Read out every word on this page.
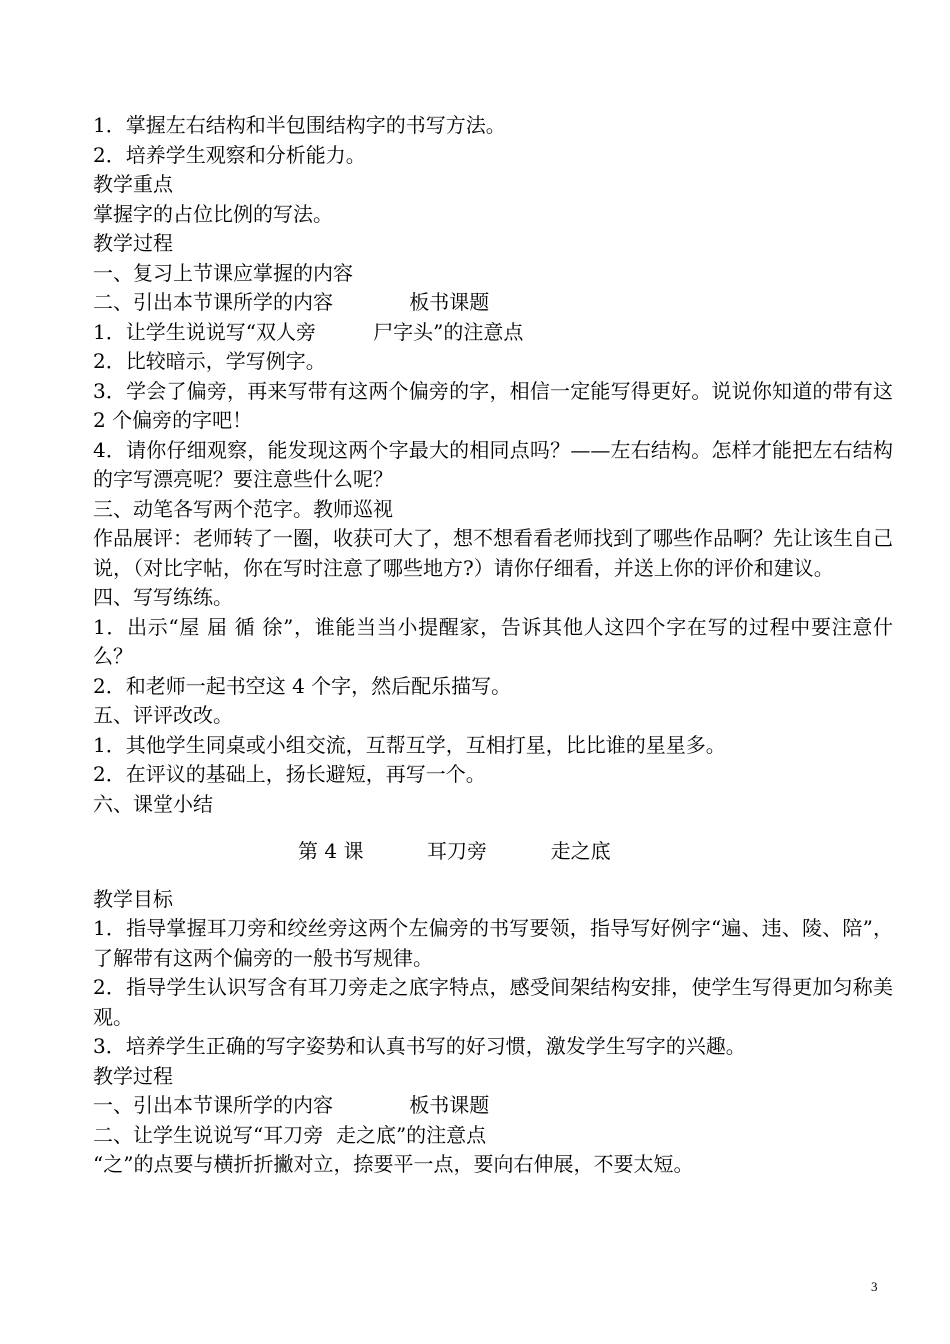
1．掌握左右结构和半包围结构字的书写方法。
2．培养学生观察和分析能力。
教学重点
掌握字的占位比例的写法。
教学过程
一、复习上节课应掌握的内容
二、引出本节课所学的内容            板书课题
1．让学生说说写“双人旁         尸字头”的注意点
2．比较暗示，学写例字。
3．学会了偏旁，再来写带有这两个偏旁的字，相信一定能写得更好。说说你知道的带有这 2 个偏旁的字吧！
4．请你仔细观察，能发现这两个字最大的相同点吗？——左右结构。怎样才能把左右结构的字写漂亮呢？要注意些什么呢？
三、动笔各写两个范字。教师巡视
作品展评：老师转了一圈，收获可大了，想不想看看老师找到了哪些作品啊？先让该生自己说，（对比字帖，你在写时注意了哪些地方?）请你仔细看，并送上你的评价和建议。
四、写写练练。
1．出示“屋 届 循 徐”，谁能当当小提醒家，告诉其他人这四个字在写的过程中要注意什么？
2．和老师一起书空这 4 个字，然后配乐描写。
五、评评改改。
1．其他学生同桌或小组交流，互帮互学，互相打星，比比谁的星星多。
2．在评议的基础上，扬长避短，再写一个。
六、课堂小结
第 4 课          耳刀旁          走之底
教学目标
1．指导掌握耳刀旁和绞丝旁这两个左偏旁的书写要领，指导写好例字“遍、违、陵、陪”，了解带有这两个偏旁的一般书写规律。
2．指导学生认识写含有耳刀旁走之底字特点，感受间架结构安排，使学生写得更加匀称美观。
3．培养学生正确的写字姿势和认真书写的好习惯，激发学生写字的兴趣。
教学过程
一、引出本节课所学的内容            板书课题
二、让学生说说写“耳刀旁  走之底”的注意点
“之”的点要与横折折撇对立，捺要平一点，要向右伸展，不要太短。
3
